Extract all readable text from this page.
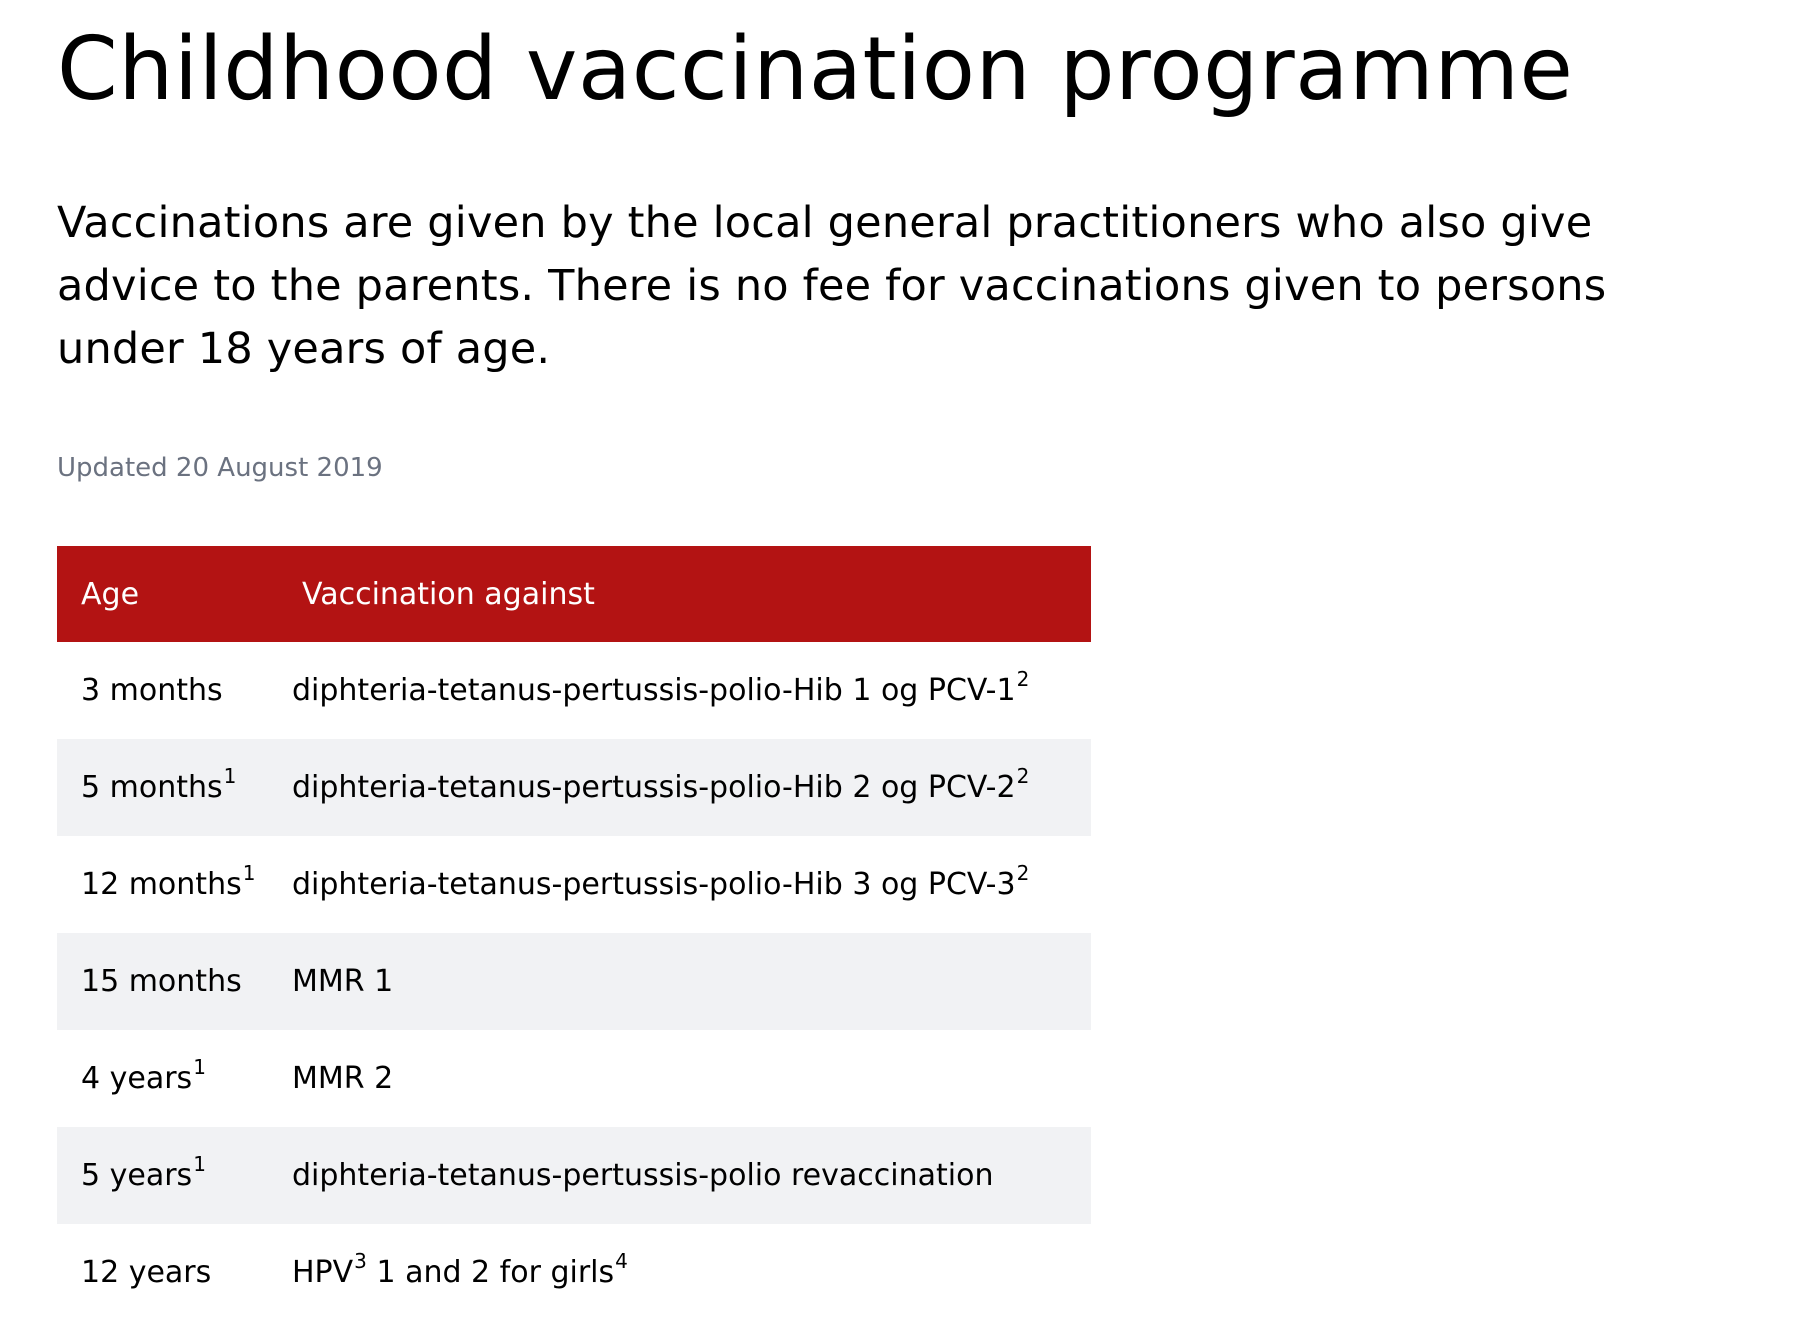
Childhood vaccination programme

Vaccinations are given by the local general practitioners who also give advice to the parents. There is no fee for vaccinations given to persons under 18 years of age.

Updated 20 August 2019

Age	Vaccination against
3 months	diphteria-tetanus-pertussis-polio-Hib 1 og PCV-$1^2$
5 months$^1$	diphteria-tetanus-pertussis-polio-Hib 2 og PCV-$2^2$
12 months$^1$	diphteria-tetanus-pertussis-polio-Hib 3 og PCV-$3^2$
15 months	MMR 1
4 years$^1$	MMR 2
5 years$^1$	diphteria-tetanus-pertussis-polio revaccination
12 years	HPV$^3$ 1 and 2 for girls$^4$
